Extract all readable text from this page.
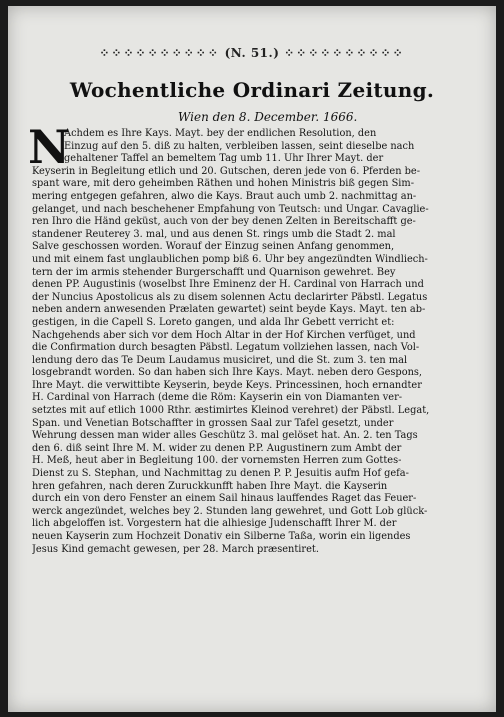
⁘⁘⁘⁘⁘⁘⁘⁘⁘⁘ (N. 51.) ⁘⁘⁘⁘⁘⁘⁘⁘⁘⁘
Wochentliche Ordinari Zeitung.
Wien den 8. December. 1666.
N
Achdem es Ihre Kays. Mayt. bey der endlichen Resolution, den
Einzug auf den 5. diß zu halten, verbleiben lassen, seint dieselbe nach
gehaltener Taffel an bemeltem Tag umb 11. Uhr Ihrer Mayt. der
Keyserin in Begleitung etlich und 20. Gutschen, deren jede von 6. Pferden be-
spant ware, mit dero geheimben Räthen und hohen Ministris biß gegen Sim-
mering entgegen gefahren, alwo die Kays. Braut auch umb 2. nachmittag an-
gelanget, und nach beschehener Empfahung von Teutsch: und Ungar. Cavaglie-
ren Ihro die Händ geküst, auch von der bey denen Zelten in Bereitschafft ge-
standener Reuterey 3. mal, und aus denen St. rings umb die Stadt 2. mal
Salve geschossen worden. Worauf der Einzug seinen Anfang genommen,
und mit einem fast unglaublichen pomp biß 6. Uhr bey angezündten Windliech-
tern der im armis stehender Burgerschafft und Quarnison gewehret. Bey
denen PP. Augustinis (woselbst Ihre Eminenz der H. Cardinal von Harrach und
der Nuncius Apostolicus als zu disem solennen Actu declarirter Päbstl. Legatus
neben andern anwesenden Prælaten gewartet) seint beyde Kays. Mayt. ten ab-
gestigen, in die Capell S. Loreto gangen, und alda Ihr Gebett verricht et:
Nachgehends aber sich vor dem Hoch Altar in der Hof Kirchen verfüget, und
die Confirmation durch besagten Päbstl. Legatum vollziehen lassen, nach Vol-
lendung dero das Te Deum Laudamus musiciret, und die St. zum 3. ten mal
losgebrandt worden. So dan haben sich Ihre Kays. Mayt. neben dero Gespons,
Ihre Mayt. die verwittibte Keyserin, beyde Keys. Princessinen, hoch ernandter
H. Cardinal von Harrach (deme die Röm: Kayserin ein von Diamanten ver-
setztes mit auf etlich 1000 Rthr. æstimirtes Kleinod verehret) der Päbstl. Legat,
Span. und Venetian Botschaffter in grossen Saal zur Tafel gesetzt, under
Wehrung dessen man wider alles Geschütz 3. mal gelöset hat. An. 2. ten Tags
den 6. diß seint Ihre M. M. wider zu denen P.P. Augustinern zum Ambt der
H. Meß, heut aber in Begleitung 100. der vornemsten Herren zum Gottes-
Dienst zu S. Stephan, und Nachmittag zu denen P. P. Jesuitis aufm Hof gefa-
hren gefahren, nach deren Zuruckkunfft haben Ihre Mayt. die Kayserin
durch ein von dero Fenster an einem Sail hinaus lauffendes Raget das Feuer-
werck angezündet, welches bey 2. Stunden lang gewehret, und Gott Lob glück-
lich abgeloffen ist. Vorgestern hat die alhiesige Judenschafft Ihrer M. der
neuen Kayserin zum Hochzeit Donativ ein Silberne Taßa, worin ein ligendes
Jesus Kind gemacht gewesen, per 28. March præsentiret.
